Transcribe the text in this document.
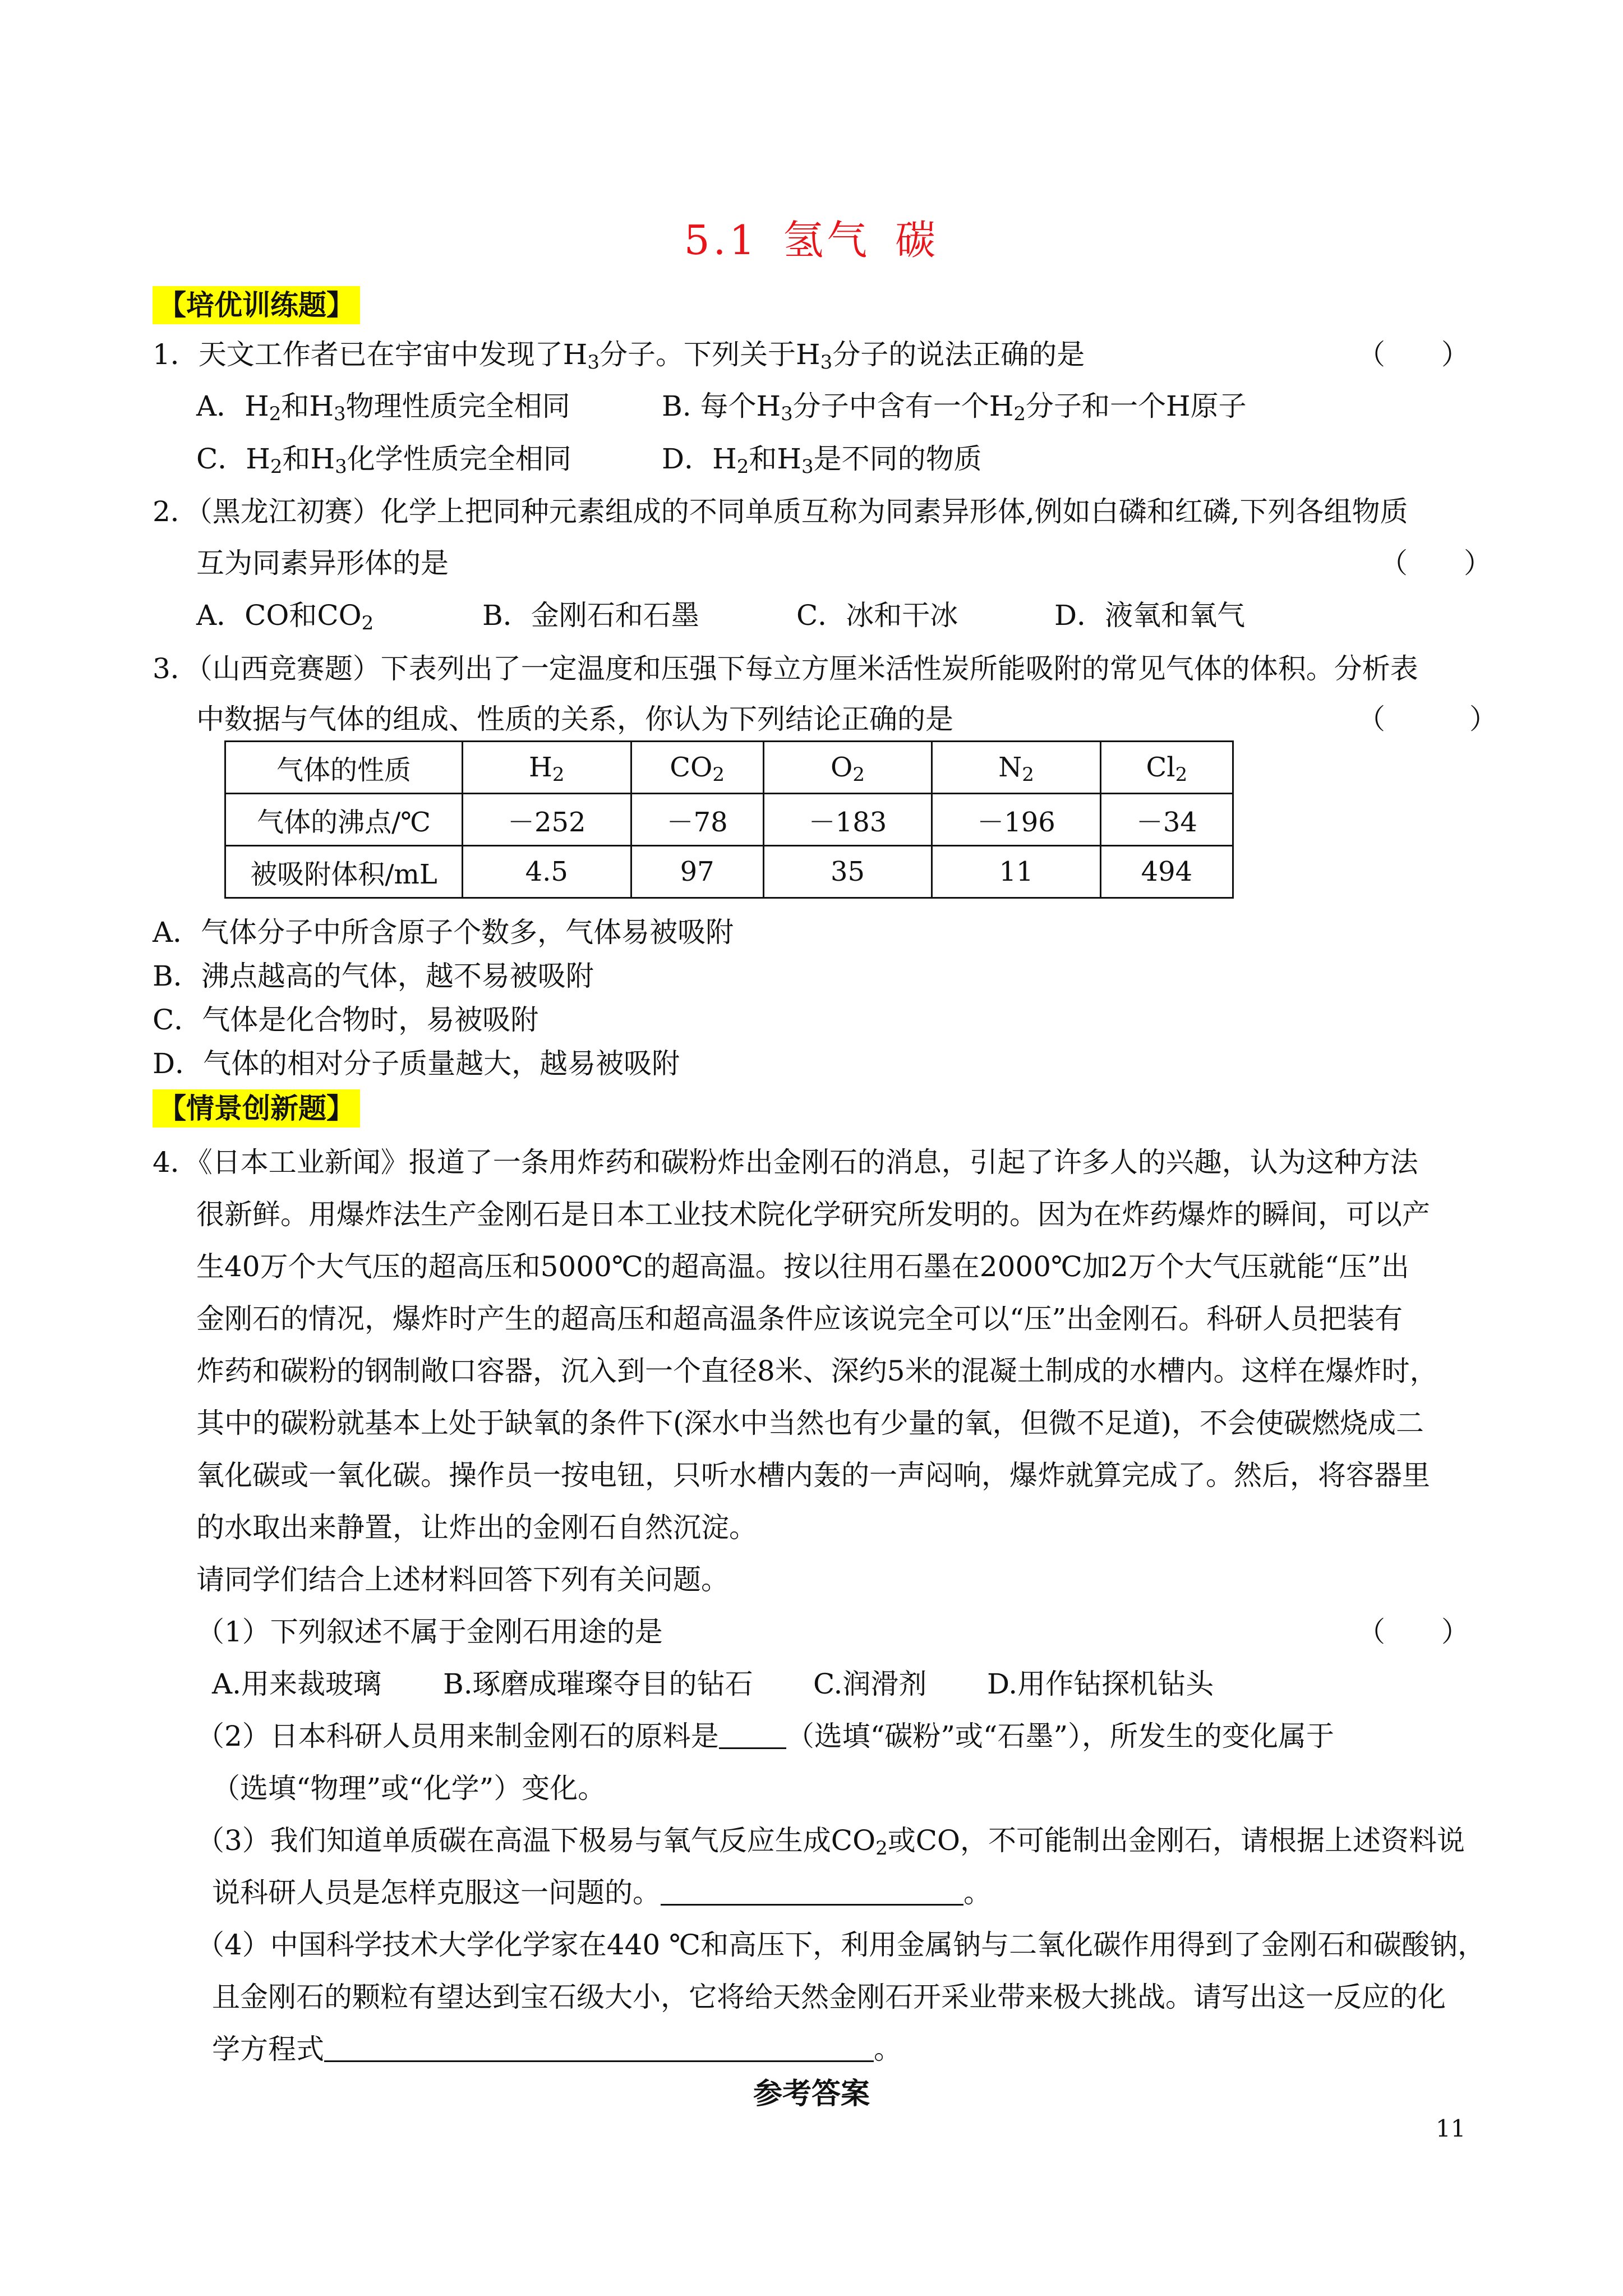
5.1 氢气 碳
【培优训练题】
1．天文工作者已在宇宙中发现了$H_3$分子。下列关于$H_3$分子的说法正确的是	（　　）
A．$H_2$和$H_3$物理性质完全相同	B. 每个$H_3$分子中含有一个$H_2$分子和一个H原子
C．$H_2$和$H_3$化学性质完全相同	D．$H_2$和$H_3$是不同的物质
2．（黑龙江初赛）化学上把同种元素组成的不同单质互称为同素异形体,例如白磷和红磷,下列各组物质
互为同素异形体的是	（　　）
A．CO和$CO_2$	B．金刚石和石墨	C．冰和干冰	D．液氧和氧气
3．（山西竞赛题）下表列出了一定温度和压强下每立方厘米活性炭所能吸附的常见气体的体积。分析表
中数据与气体的组成、性质的关系，你认为下列结论正确的是	（　　　）
气体的性质	$H_2$	$CO_2$	$O_2$	$N_2$	$Cl_2$
气体的沸点/℃	－252	－78	－183	－196	－34
被吸附体积/mL	4.5	97	35	11	494
A．气体分子中所含原子个数多，气体易被吸附
B．沸点越高的气体，越不易被吸附
C．气体是化合物时，易被吸附
D．气体的相对分子质量越大，越易被吸附
【情景创新题】
4．《日本工业新闻》报道了一条用炸药和碳粉炸出金刚石的消息，引起了许多人的兴趣，认为这种方法
很新鲜。用爆炸法生产金刚石是日本工业技术院化学研究所发明的。因为在炸药爆炸的瞬间，可以产
生40万个大气压的超高压和5000℃的超高温。按以往用石墨在2000℃加2万个大气压就能“压”出
金刚石的情况，爆炸时产生的超高压和超高温条件应该说完全可以“压”出金刚石。科研人员把装有
炸药和碳粉的钢制敞口容器，沉入到一个直径8米、深约5米的混凝土制成的水槽内。这样在爆炸时，
其中的碳粉就基本上处于缺氧的条件下(深水中当然也有少量的氧，但微不足道)，不会使碳燃烧成二
氧化碳或一氧化碳。操作员一按电钮，只听水槽内轰的一声闷响，爆炸就算完成了。然后，将容器里
的水取出来静置，让炸出的金刚石自然沉淀。
请同学们结合上述材料回答下列有关问题。
（1）下列叙述不属于金刚石用途的是	（　　）
A.用来裁玻璃 B.琢磨成璀璨夺目的钻石 C.润滑剂 D.用作钻探机钻头
（2）日本科研人员用来制金刚石的原料是 （选填“碳粉”或“石墨”），所发生的变化属于
（选填“物理”或“化学”）变化。
（3）我们知道单质碳在高温下极易与氧气反应生成$CO_2$或CO，不可能制出金刚石，请根据上述资料说
说科研人员是怎样克服这一问题的。	。
（4）中国科学技术大学化学家在440 ℃和高压下，利用金属钠与二氧化碳作用得到了金刚石和碳酸钠，
且金刚石的颗粒有望达到宝石级大小，它将给天然金刚石开采业带来极大挑战。请写出这一反应的化
学方程式	。
参考答案
11
